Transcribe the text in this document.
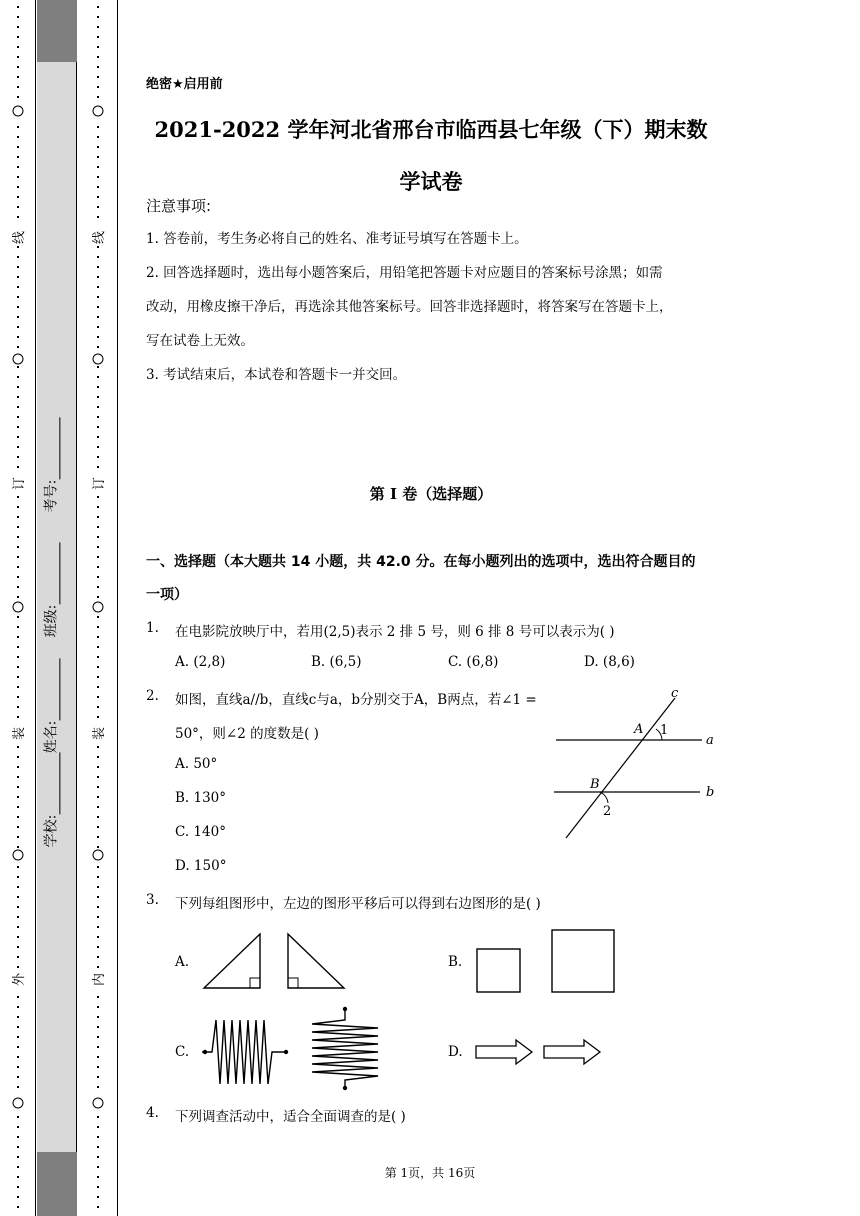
线
订
装
外
学校:
姓名:
班级:
考号:
线
订
装
内
绝密★启用前
2021-2022 学年河北省邢台市临西县七年级（下）期末数
学试卷
注意事项:
1. 答卷前，考生务必将自己的姓名、准考证号填写在答题卡上。
2. 回答选择题时，选出每小题答案后，用铅笔把答题卡对应题目的答案标号涂黑；如需
改动，用橡皮擦干净后，再选涂其他答案标号。回答非选择题时，将答案写在答题卡上，
写在试卷上无效。
3. 考试结束后，本试卷和答题卡一并交回。
第 I 卷（选择题）
一、选择题（本大题共 14 小题，共 42.0 分。在每小题列出的选项中，选出符合题目的
一项）
1. 在电影院放映厅中，若用(2,5)表示 2 排 5 号，则 6 排 8 号可以表示为( )
A. (2,8)	B. (6,5)	C. (6,8)	D. (8,6)
2. 如图，直线a//b，直线c与a，b分别交于A，B两点，若∠1 =
50°，则∠2 的度数是( )
A. 50°
B. 130°
C. 140°
D. 150°
c
A 1
a
B
2
b
3. 下列每组图形中，左边的图形平移后可以得到右边图形的是( )
A.	B.
C.	D.
4. 下列调查活动中，适合全面调查的是( )
第 1页，共 16页
